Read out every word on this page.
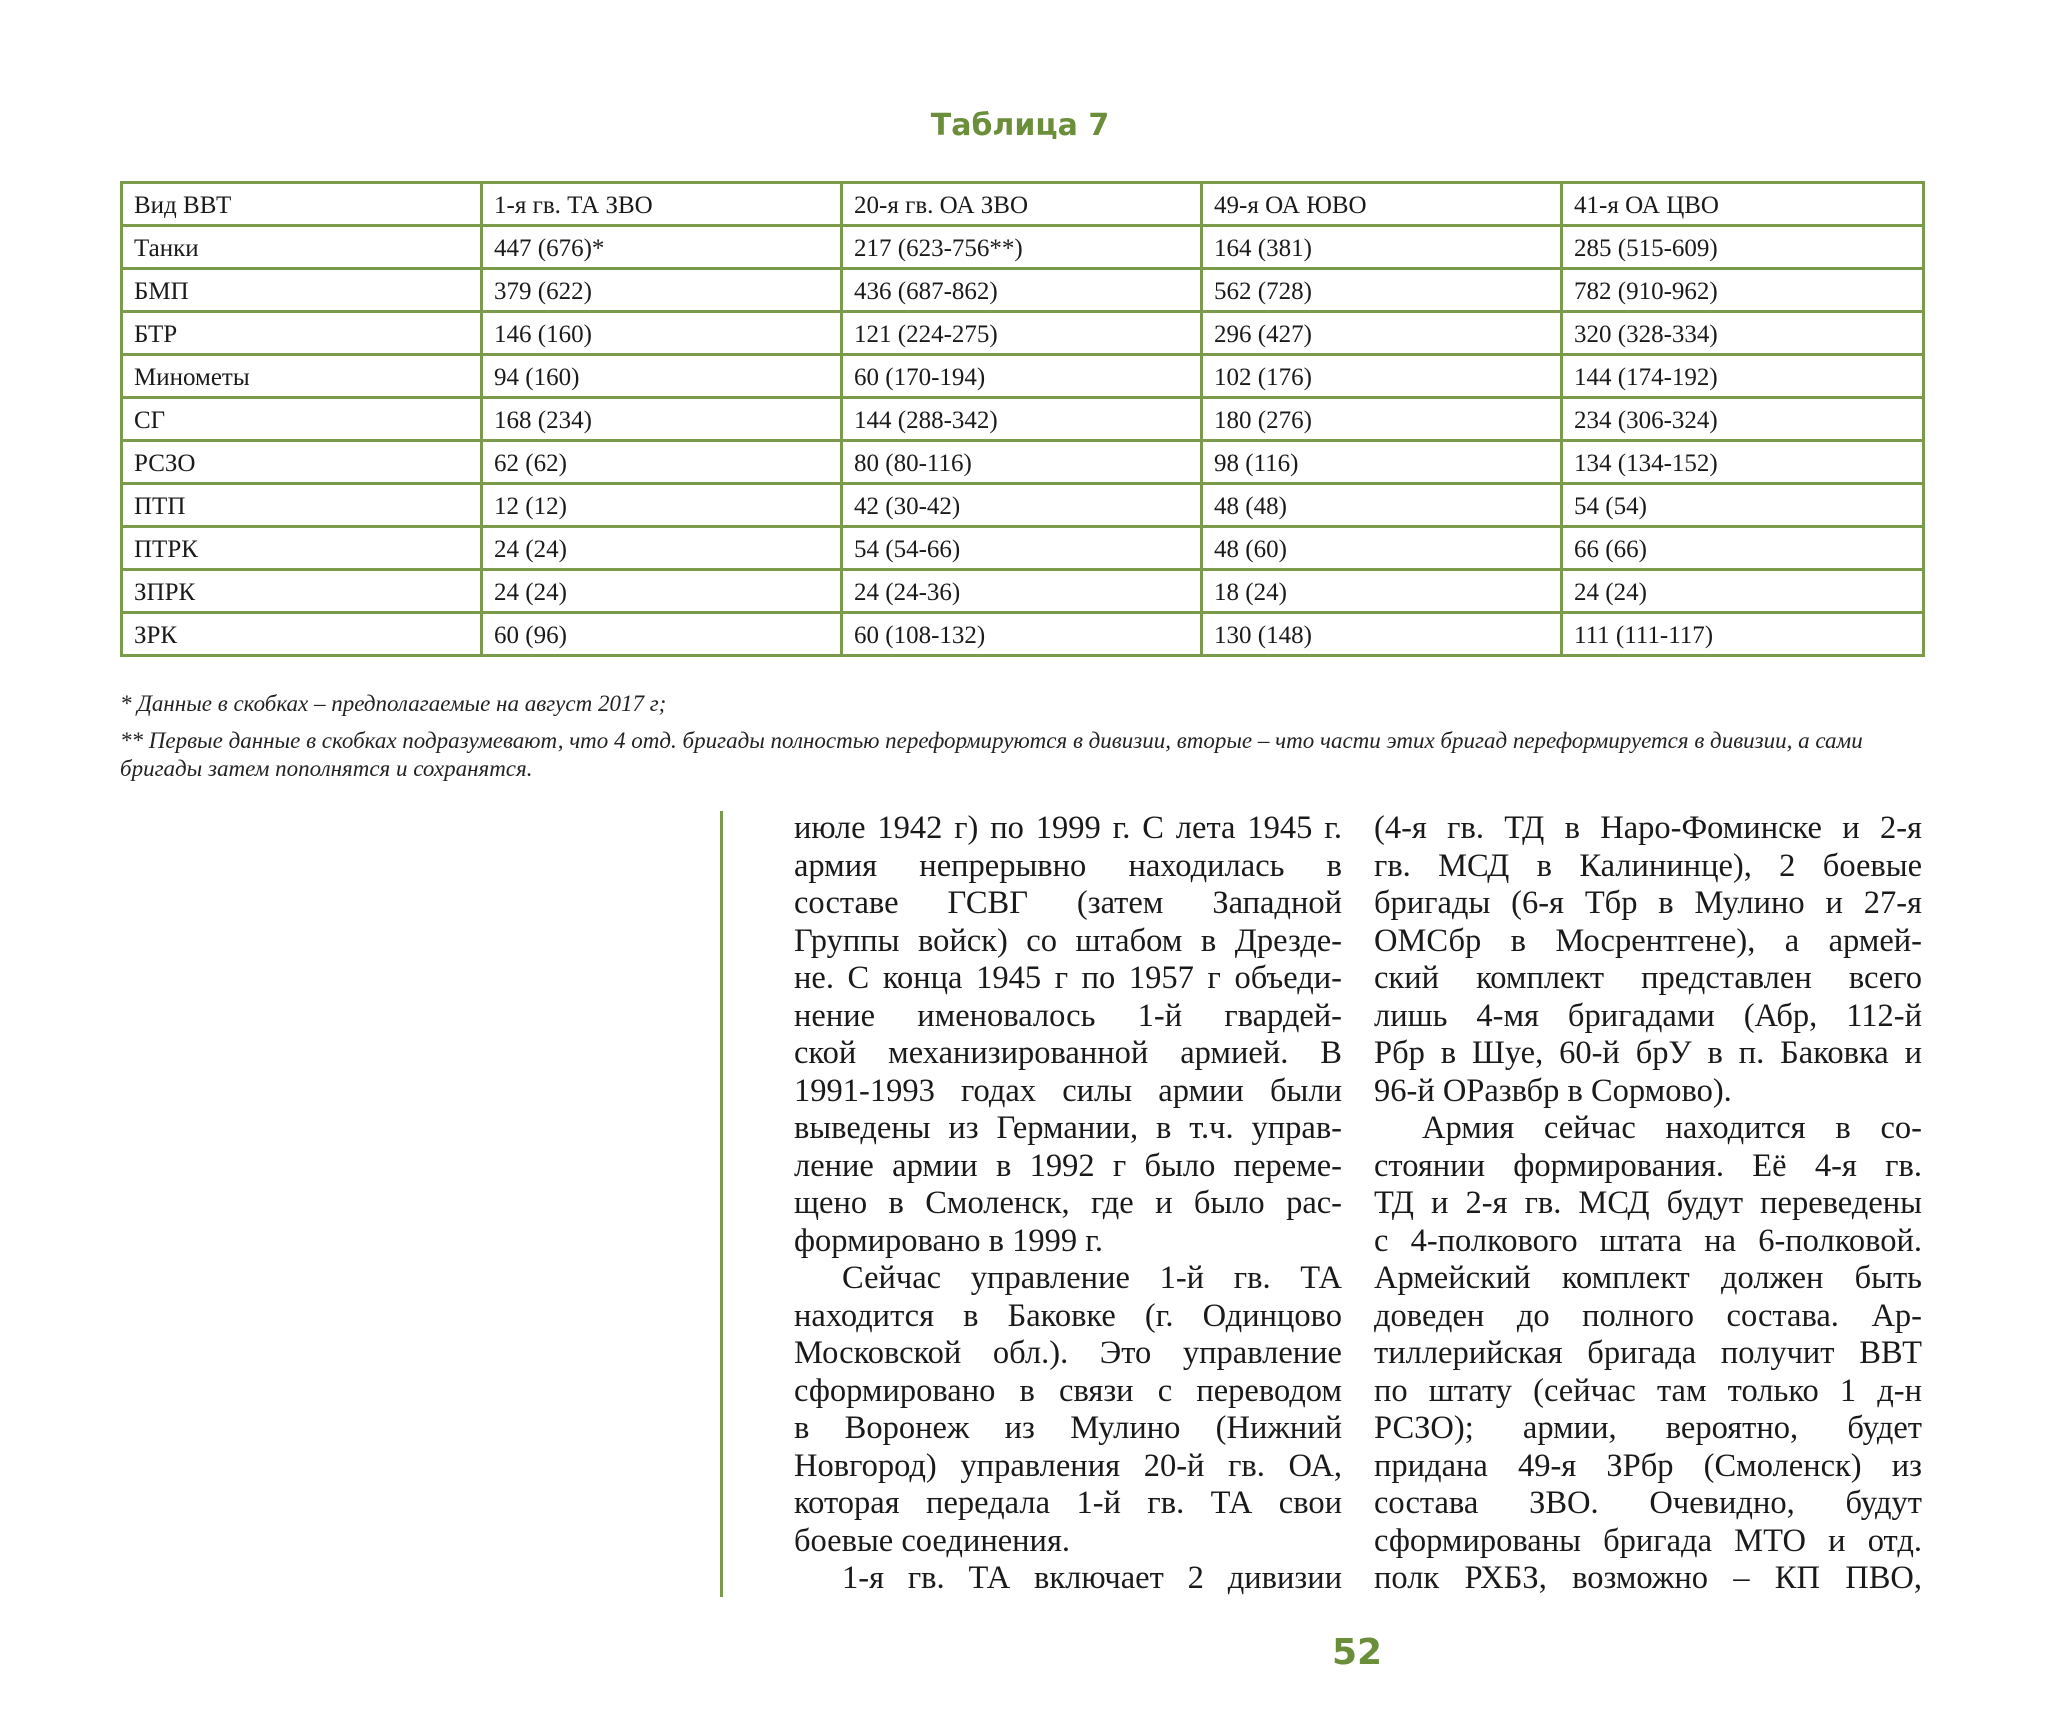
Таблица 7
Вид ВВТ	1-я гв. ТА ЗВО	20-я гв. ОА ЗВО	49-я ОА ЮВО	41-я ОА ЦВО
Танки	447 (676)*	217 (623-756**)	164 (381)	285 (515-609)
БМП	379 (622)	436 (687-862)	562 (728)	782 (910-962)
БТР	146 (160)	121 (224-275)	296 (427)	320 (328-334)
Минометы	94 (160)	60 (170-194)	102 (176)	144 (174-192)
СГ	168 (234)	144 (288-342)	180 (276)	234 (306-324)
РСЗО	62 (62)	80 (80-116)	98 (116)	134 (134-152)
ПТП	12 (12)	42 (30-42)	48 (48)	54 (54)
ПТРК	24 (24)	54 (54-66)	48 (60)	66 (66)
ЗПРК	24 (24)	24 (24-36)	18 (24)	24 (24)
ЗРК	60 (96)	60 (108-132)	130 (148)	111 (111-117)

* Данные в скобках – предполагаемые на август 2017 г;

** Первые данные в скобках подразумевают, что 4 отд. бригады полностью переформируются в дивизии, вторые – что части этих бригад переформируется в дивизии, а сами бригады затем пополнятся и сохранятся.

июле 1942 г) по 1999 г. С лета 1945 г.
армия непрерывно находилась в
составе ГСВГ (затем Западной
Группы войск) со штабом в Дрезде-
не. С конца 1945 г по 1957 г объеди-
нение именовалось 1-й гвардей-
ской механизированной армией. В
1991-1993 годах силы армии были
выведены из Германии, в т.ч. управ-
ление армии в 1992 г было переме-
щено в Смоленск, где и было рас-
формировано в 1999 г.
Сейчас управление 1-й гв. ТА
находится в Баковке (г. Одинцово
Московской обл.). Это управление
сформировано в связи с переводом
в Воронеж из Мулино (Нижний
Новгород) управления 20-й гв. ОА,
которая передала 1-й гв. ТА свои
боевые соединения.
1-я гв. ТА включает 2 дивизии
(4-я гв. ТД в Наро-Фоминске и 2-я
гв. МСД в Калининце), 2 боевые
бригады (6-я Тбр в Мулино и 27-я
ОМСбр в Мосрентгене), а армей-
ский комплект представлен всего
лишь 4-мя бригадами (Абр, 112-й
Рбр в Шуе, 60-й брУ в п. Баковка и
96-й ОРазвбр в Сормово).
Армия сейчас находится в со-
стоянии формирования. Её 4-я гв.
ТД и 2-я гв. МСД будут переведены
с 4-полкового штата на 6-полковой.
Армейский комплект должен быть
доведен до полного состава. Ар-
тиллерийская бригада получит ВВТ
по штату (сейчас там только 1 д-н
РСЗО); армии, вероятно, будет
придана 49-я ЗРбр (Смоленск) из
состава ЗВО. Очевидно, будут
сформированы бригада МТО и отд.
полк РХБЗ, возможно – КП ПВО,
52
